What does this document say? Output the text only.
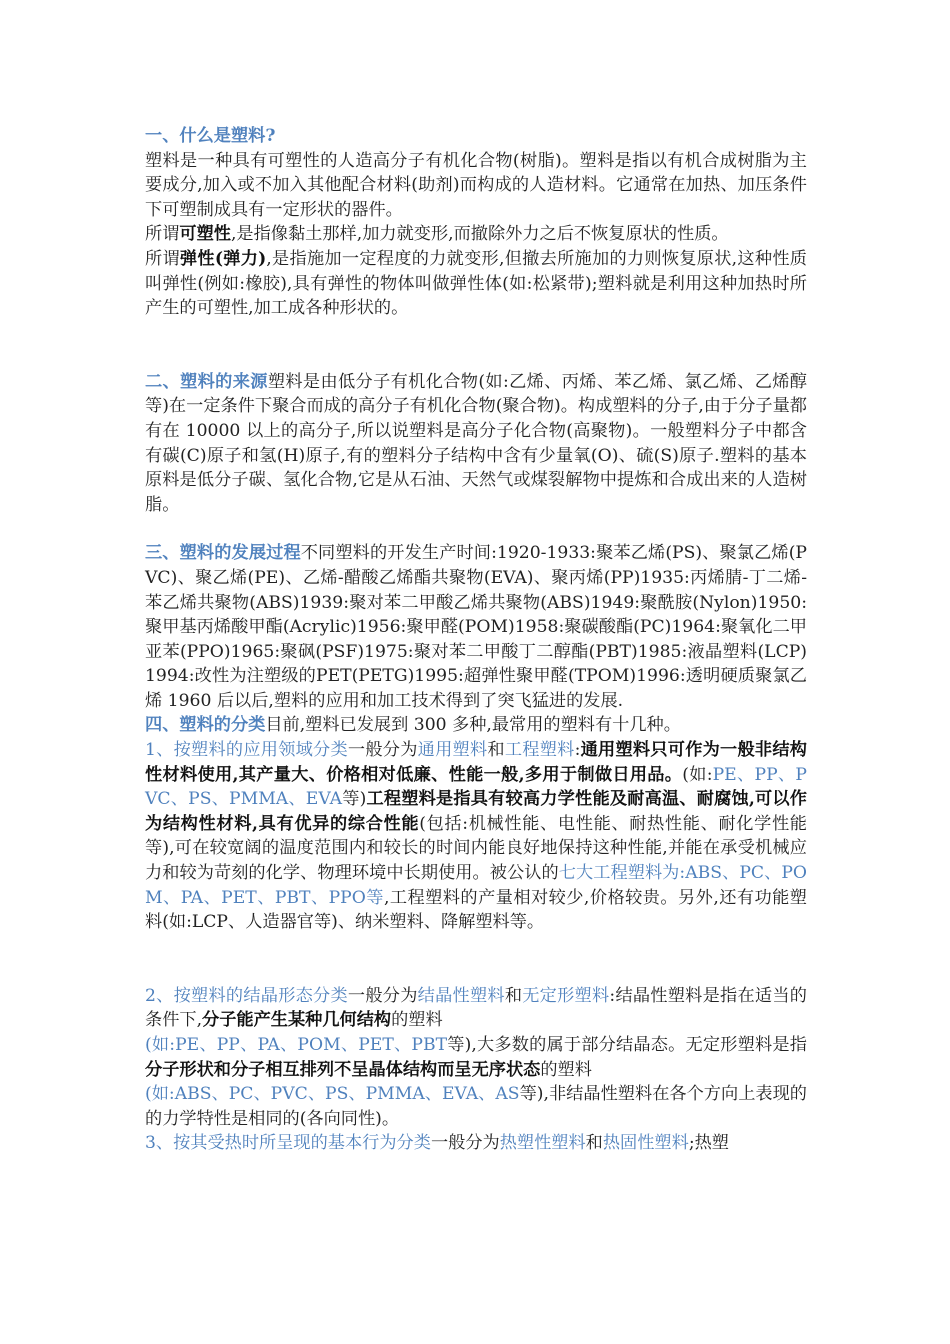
一、什么是塑料?

塑料是一种具有可塑性的人造高分子有机化合物(树脂)。塑料是指以有机合成树脂为主要成分,加入或不加入其他配合材料(助剂)而构成的人造材料。它通常在加热、加压条件下可塑制成具有一定形状的器件。

所谓可塑性,是指像黏土那样,加力就变形,而撤除外力之后不恢复原状的性质。

所谓弹性(弹力),是指施加一定程度的力就变形,但撤去所施加的力则恢复原状,这种性质叫弹性(例如:橡胶),具有弹性的物体叫做弹性体(如:松紧带);塑料就是利用这种加热时所产生的可塑性,加工成各种形状的。

二、塑料的来源塑料是由低分子有机化合物(如:乙烯、丙烯、苯乙烯、氯乙烯、乙烯醇等)在一定条件下聚合而成的高分子有机化合物(聚合物)。构成塑料的分子,由于分子量都有在 10000 以上的高分子,所以说塑料是高分子化合物(高聚物)。一般塑料分子中都含有碳(C)原子和氢(H)原子,有的塑料分子结构中含有少量氧(O)、硫(S)原子.塑料的基本原料是低分子碳、氢化合物,它是从石油、天然气或煤裂解物中提炼和合成出来的人造树脂。

三、塑料的发展过程不同塑料的开发生产时间:1920-1933:聚苯乙烯(PS)、聚氯乙烯(PVC)、聚乙烯(PE)、乙烯-醋酸乙烯酯共聚物(EVA)、聚丙烯(PP)1935:丙烯腈-丁二烯-苯乙烯共聚物(ABS)1939:聚对苯二甲酸乙烯共聚物(ABS)1949:聚酰胺(Nylon)1950:聚甲基丙烯酸甲酯(Acrylic)1956:聚甲醛(POM)1958:聚碳酸酯(PC)1964:聚氧化二甲亚苯(PPO)1965:聚砜(PSF)1975:聚对苯二甲酸丁二醇酯(PBT)1985:液晶塑料(LCP)1994:改性为注塑级的PET(PETG)1995:超弹性聚甲醛(TPOM)1996:透明硬质聚氯乙烯 1960 后以后,塑料的应用和加工技术得到了突飞猛进的发展.

四、塑料的分类目前,塑料已发展到 300 多种,最常用的塑料有十几种。

1、按塑料的应用领域分类一般分为通用塑料和工程塑料:通用塑料只可作为一般非结构性材料使用,其产量大、价格相对低廉、性能一般,多用于制做日用品。(如:PE、PP、PVC、PS、PMMA、EVA等)工程塑料是指具有较高力学性能及耐高温、耐腐蚀,可以作为结构性材料,具有优异的综合性能(包括:机械性能、电性能、耐热性能、耐化学性能等),可在较宽阔的温度范围内和较长的时间内能良好地保持这种性能,并能在承受机械应力和较为苛刻的化学、物理环境中长期使用。被公认的七大工程塑料为:ABS、PC、POM、PA、PET、PBT、PPO等,工程塑料的产量相对较少,价格较贵。另外,还有功能塑料(如:LCP、人造器官等)、纳米塑料、降解塑料等。

2、按塑料的结晶形态分类一般分为结晶性塑料和无定形塑料:结晶性塑料是指在适当的条件下,分子能产生某种几何结构的塑料
(如:PE、PP、PA、POM、PET、PBT等),大多数的属于部分结晶态。无定形塑料是指分子形状和分子相互排列不呈晶体结构而呈无序状态的塑料
(如:ABS、PC、PVC、PS、PMMA、EVA、AS等),非结晶性塑料在各个方向上表现的的力学特性是相同的(各向同性)。

3、按其受热时所呈现的基本行为分类一般分为热塑性塑料和热固性塑料;热塑
